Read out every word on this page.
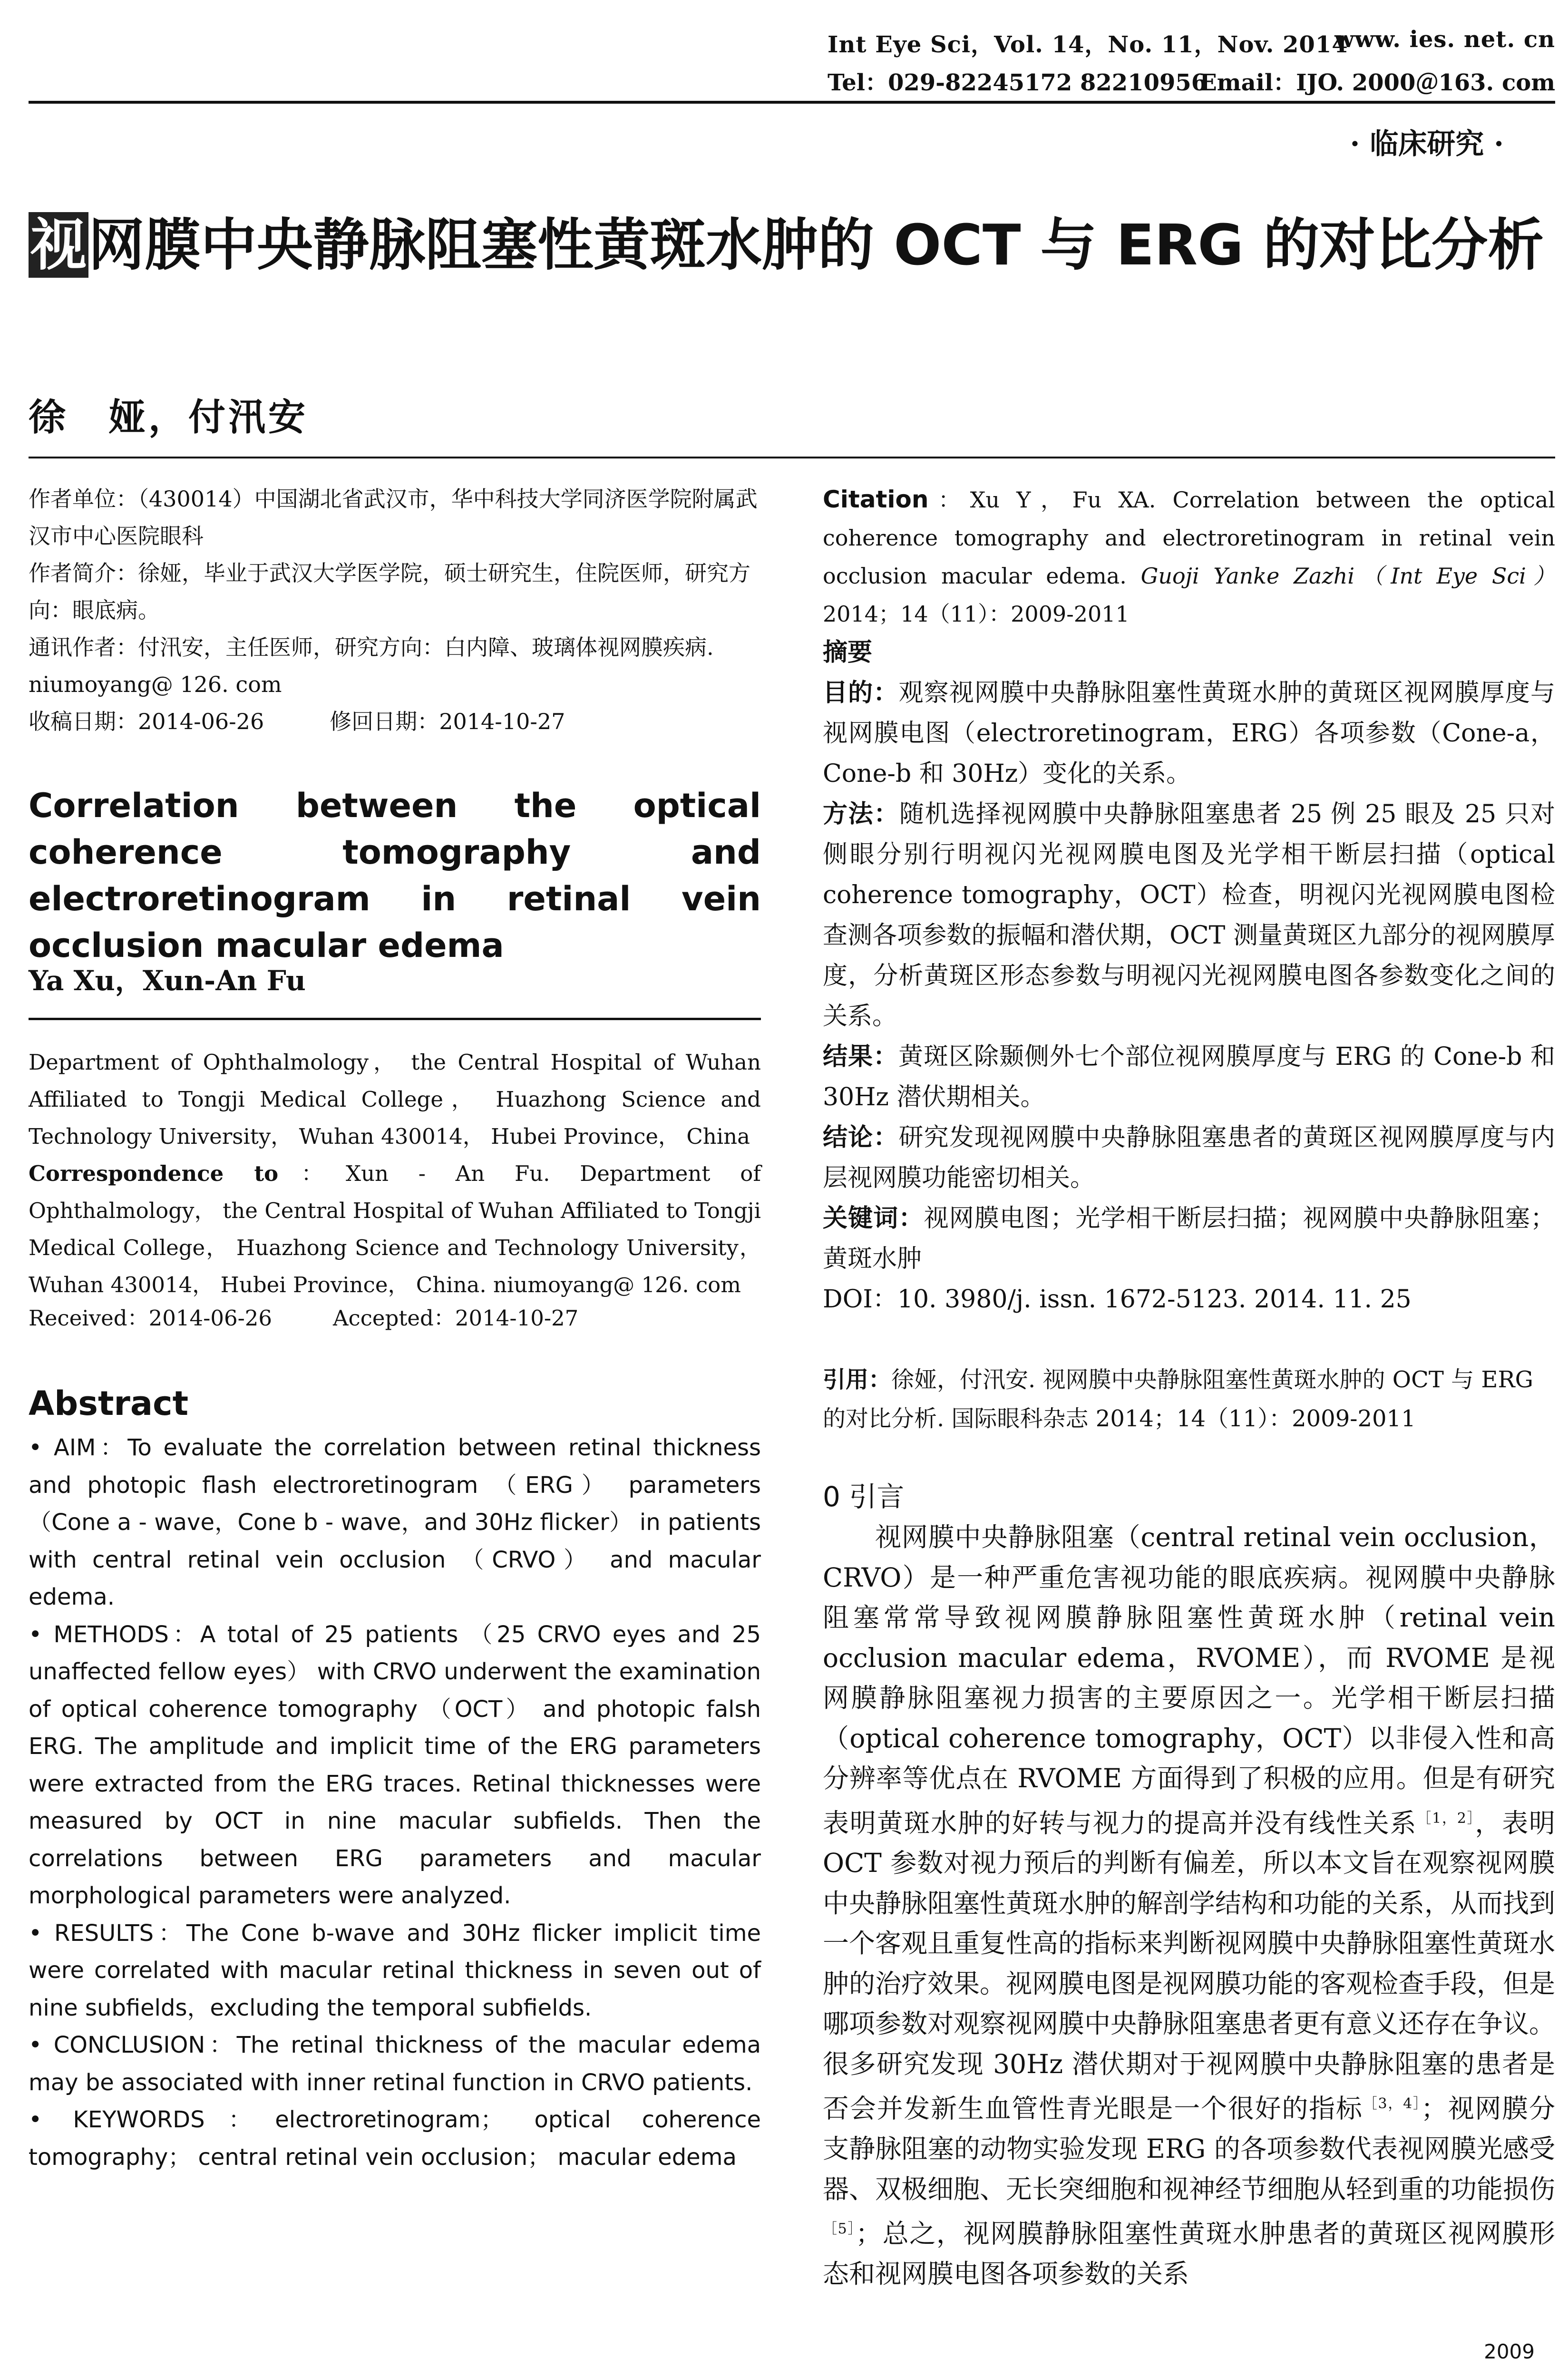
Int Eye Sci，Vol. 14，No. 11，Nov. 2014
www. ies. net. cn
Tel：029-82245172 82210956
Email：IJO. 2000＠163. com
· 临床研究 ·
视网膜中央静脉阻塞性黄斑水肿的 OCT 与 ERG 的对比分析
徐　娅，付汛安
作者单位：（430014）中国湖北省武汉市，华中科技大学同济医学院附属武汉市中心医院眼科
作者简介：徐娅，毕业于武汉大学医学院，硕士研究生，住院医师，研究方向：眼底病。
通讯作者：付汛安，主任医师，研究方向：白内障、玻璃体视网膜疾病. niumoyang@ 126. com
收稿日期：2014-06-26　　　修回日期：2014-10-27
Correlation between the optical coherence tomography and electroretinogram in retinal vein occlusion macular edema
Ya Xu，Xun-An Fu
Department of Ophthalmology， the Central Hospital of Wuhan Affiliated to Tongji Medical College， Huazhong Science and Technology University， Wuhan 430014， Hubei Province， China
Correspondence to：Xun - An Fu. Department of Ophthalmology， the Central Hospital of Wuhan Affiliated to Tongji Medical College， Huazhong Science and Technology University， Wuhan 430014， Hubei Province， China. niumoyang@ 126. com
Received：2014-06-26	Accepted：2014-10-27
Abstract

• AIM：To evaluate the correlation between retinal thickness and photopic flash electroretinogram （ERG） parameters （Cone a - wave，Cone b - wave，and 30Hz flicker） in patients with central retinal vein occlusion （CRVO） and macular edema.

• METHODS：A total of 25 patients （25 CRVO eyes and 25 unaffected fellow eyes） with CRVO underwent the examination of optical coherence tomography （OCT） and photopic falsh ERG. The amplitude and implicit time of the ERG parameters were extracted from the ERG traces. Retinal thicknesses were measured by OCT in nine macular subfields. Then the correlations between ERG parameters and macular morphological parameters were analyzed.

• RESULTS：The Cone b-wave and 30Hz flicker implicit time were correlated with macular retinal thickness in seven out of nine subfields，excluding the temporal subfields.

• CONCLUSION：The retinal thickness of the macular edema may be associated with inner retinal function in CRVO patients.

• KEYWORDS：electroretinogram； optical coherence tomography； central retinal vein occlusion； macular edema

Citation：Xu Y，Fu XA. Correlation between the optical coherence tomography and electroretinogram in retinal vein occlusion macular edema. Guoji Yanke Zazhi（Int Eye Sci） 2014；14（11）：2009-2011

摘要

目的：观察视网膜中央静脉阻塞性黄斑水肿的黄斑区视网膜厚度与视网膜电图（electroretinogram，ERG）各项参数（Cone-a，Cone-b 和 30Hz）变化的关系。

方法：随机选择视网膜中央静脉阻塞患者 25 例 25 眼及 25 只对侧眼分别行明视闪光视网膜电图及光学相干断层扫描（optical coherence tomography，OCT）检查，明视闪光视网膜电图检查测各项参数的振幅和潜伏期，OCT 测量黄斑区九部分的视网膜厚度，分析黄斑区形态参数与明视闪光视网膜电图各参数变化之间的关系。

结果：黄斑区除颞侧外七个部位视网膜厚度与 ERG 的 Cone-b 和 30Hz 潜伏期相关。

结论：研究发现视网膜中央静脉阻塞患者的黄斑区视网膜厚度与内层视网膜功能密切相关。

关键词：视网膜电图；光学相干断层扫描；视网膜中央静脉阻塞；黄斑水肿

DOI：10. 3980/j. issn. 1672-5123. 2014. 11. 25

引用：徐娅，付汛安. 视网膜中央静脉阻塞性黄斑水肿的 OCT 与 ERG 的对比分析. 国际眼科杂志 2014；14（11）：2009-2011
0 引言
视网膜中央静脉阻塞（central retinal vein occlusion，CRVO）是一种严重危害视功能的眼底疾病。视网膜中央静脉阻塞常常导致视网膜静脉阻塞性黄斑水肿（retinal vein occlusion macular edema，RVOME），而 RVOME 是视网膜静脉阻塞视力损害的主要原因之一。光学相干断层扫描（optical coherence tomography，OCT）以非侵入性和高分辨率等优点在 RVOME 方面得到了积极的应用。但是有研究表明黄斑水肿的好转与视力的提高并没有线性关系$^{[1,2]}$，表明 OCT 参数对视力预后的判断有偏差，所以本文旨在观察视网膜中央静脉阻塞性黄斑水肿的解剖学结构和功能的关系，从而找到一个客观且重复性高的指标来判断视网膜中央静脉阻塞性黄斑水肿的治疗效果。视网膜电图是视网膜功能的客观检查手段，但是哪项参数对观察视网膜中央静脉阻塞患者更有意义还存在争议。很多研究发现 30Hz 潜伏期对于视网膜中央静脉阻塞的患者是否会并发新生血管性青光眼是一个很好的指标$^{[3,4]}$；视网膜分支静脉阻塞的动物实验发现 ERG 的各项参数代表视网膜光感受器、双极细胞、无长突细胞和视神经节细胞从轻到重的功能损伤$^{[5]}$；总之，视网膜静脉阻塞性黄斑水肿患者的黄斑区视网膜形态和视网膜电图各项参数的关系
2009
